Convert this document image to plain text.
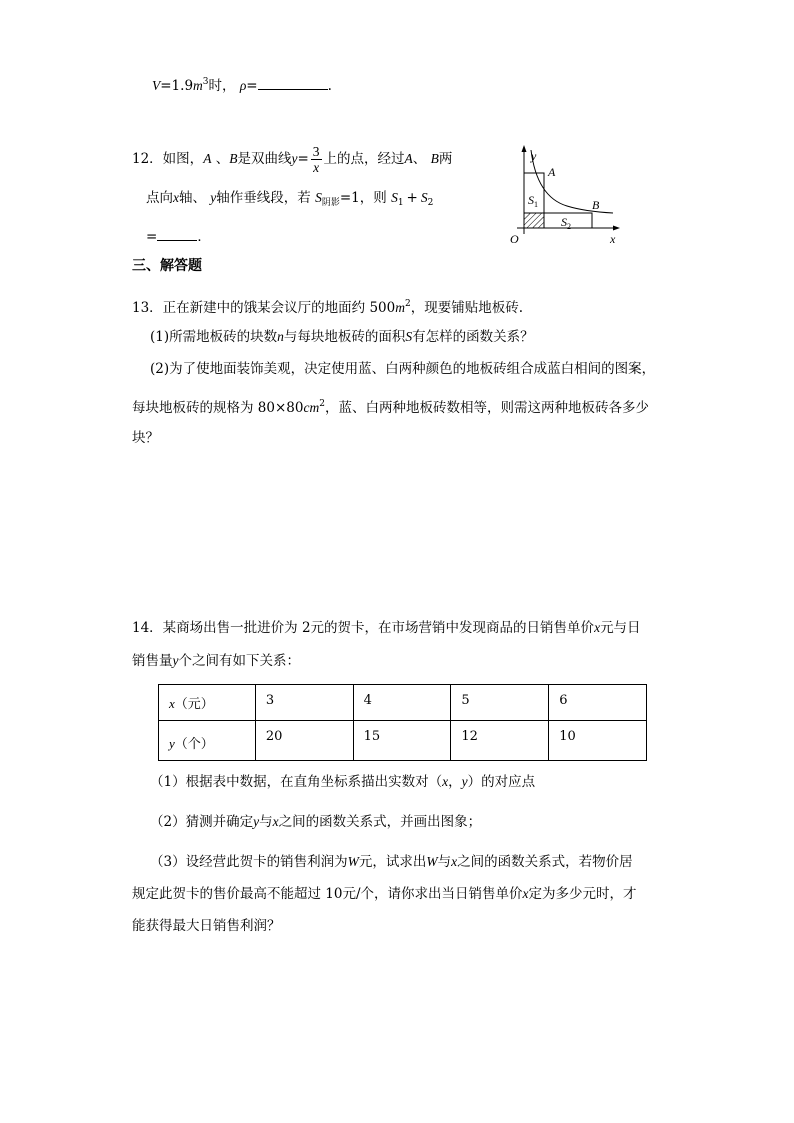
$V=1.9m^3$时， ρ=	.
12．如图，A 、B是双曲线$y= \frac{3}{x}$ 上的点，经过A、 B两
点向x轴、 y轴作垂线段，若 $S_{阴影}=1$，则 $S_1 + S_2$
=	．
y
A
B
$S_1$
$S_2$
O	x
三、解答题
13．正在新建中的饿某会议厅的地面约 $500m^2$，现要铺贴地板砖.
(1)所需地板砖的块数n与每块地板砖的面积S有怎样的函数关系？
(2)为了使地面装饰美观，决定使用蓝、白两种颜色的地板砖组合成蓝白相间的图案，
每块地板砖的规格为 $80\times 80cm^2$，蓝、白两种地板砖数相等，则需这两种地板砖各多少
块？
14．某商场出售一批进价为 2元的贺卡，在市场营销中发现商品的日销售单价x元与日
销售量y个之间有如下关系：
x（元）	3	4	5	6
y（个）	20	15	12	10
（1）根据表中数据，在直角坐标系描出实数对（x，y）的对应点
（2）猜测并确定y与x之间的函数关系式，并画出图象；
（3）设经营此贺卡的销售利润为W元，试求出W与x之间的函数关系式，若物价居
规定此贺卡的售价最高不能超过 10元/个，请你求出当日销售单价x定为多少元时，才
能获得最大日销售利润？
